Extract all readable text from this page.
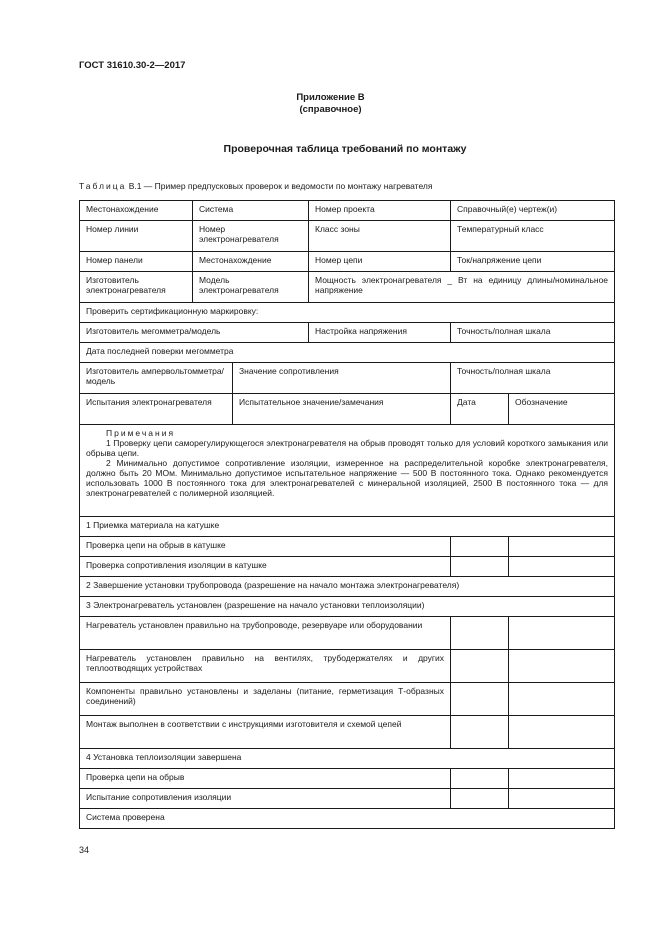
ГОСТ 31610.30-2—2017
Приложение В
(справочное)
Проверочная таблица требований по монтажу
Таблица В.1 — Пример предпусковых проверок и ведомости по монтажу нагревателя
Местонахождение	Система		Номер проекта	Справочный(е) чертеж(и)	
Номер линии	Номер электронагревателя		Класс зоны	Температурный класс	
Номер панели	Местонахождение		Номер цепи	Ток/напряжение цепи	
Изготовитель электронагревателя	Модель электронагревателя		Мощность электронагревателя _ Вт на единицу длины/номинальное напряжение		
Проверить сертификационную маркировку:					
Изготовитель мегомметра/модель			Настройка напряжения	Точность/полная шкала	
Дата последней поверки мегомметра					
Изготовитель ампервольтомметра/модель		Значение сопротивления		Точность/полная шкала	
Испытания электронагревателя		Испытательное значение/замечания		Дата	Обозначение

Примечания

1 Проверку цепи саморегулирующегося электронагревателя на обрыв проводят только для условий короткого замыкания или обрыва цепи.

2 Минимально допустимое сопротивление изоляции, измеренное на распределительной коробке электронагревателя, должно быть 20 МОм. Минимально допустимое испытательное напряжение — 500 В постоянного тока. Однако рекомендуется использовать 1000 В постоянного тока для электронагревателей с минеральной изоляцией, 2500 В постоянного тока — для электронагревателей с полимерной изоляцией.					

1 Приемка материала на катушке					
Проверка цепи на обрыв в катушке					
Проверка сопротивления изоляции в катушке					
2 Завершение установки трубопровода (разрешение на начало монтажа электронагревателя)					
3 Электронагреватель установлен (разрешение на начало установки теплоизоляции)					
Нагреватель установлен правильно на трубопроводе, резервуаре или оборудовании					
Нагреватель установлен правильно на вентилях, трубодержателях и других теплоотводящих устройствах					
Компоненты правильно установлены и заделаны (питание, герметизация Т-образных соединений)					
Монтаж выполнен в соответствии с инструкциями изготовителя и схемой цепей					
4 Установка теплоизоляции завершена					
Проверка цепи на обрыв					
Испытание сопротивления изоляции					
Система проверена					
34
